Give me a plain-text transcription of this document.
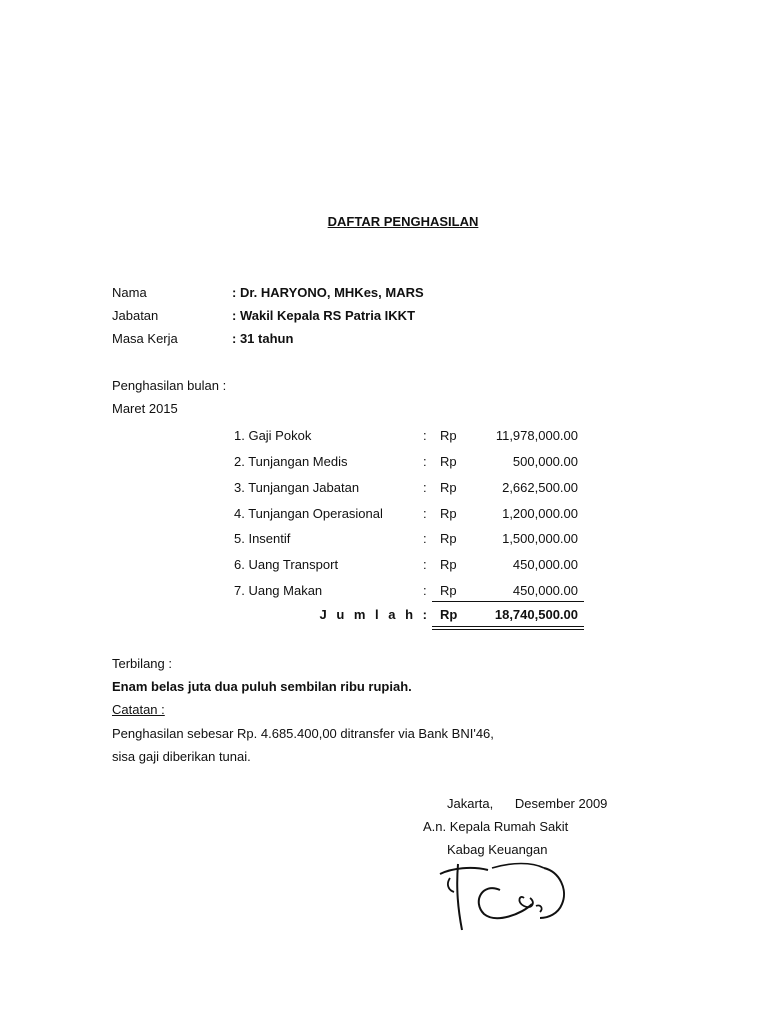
DAFTAR PENGHASILAN
Nama	: Dr. HARYONO, MHKes, MARS
Jabatan	: Wakil Kepala RS Patria IKKT
Masa Kerja	: 31 tahun
Penghasilan bulan :
Maret 2015
1. Gaji Pokok	: Rp	11,978,000.00
2. Tunjangan Medis	: Rp	500,000.00
3. Tunjangan Jabatan	: Rp	2,662,500.00
4. Tunjangan Operasional	: Rp	1,200,000.00
5. Insentif	: Rp	1,500,000.00
6. Uang Transport	: Rp	450,000.00
7. Uang Makan	: Rp	450,000.00
J u m l a h : Rp	18,740,500.00
Terbilang :
Enam belas juta dua puluh sembilan ribu rupiah.
Catatan :
Penghasilan sebesar Rp. 4.685.400,00 ditransfer via Bank BNI'46,
sisa gaji diberikan tunai.
Jakarta,      Desember 2009
A.n. Kepala Rumah Sakit
Kabag Keuangan
